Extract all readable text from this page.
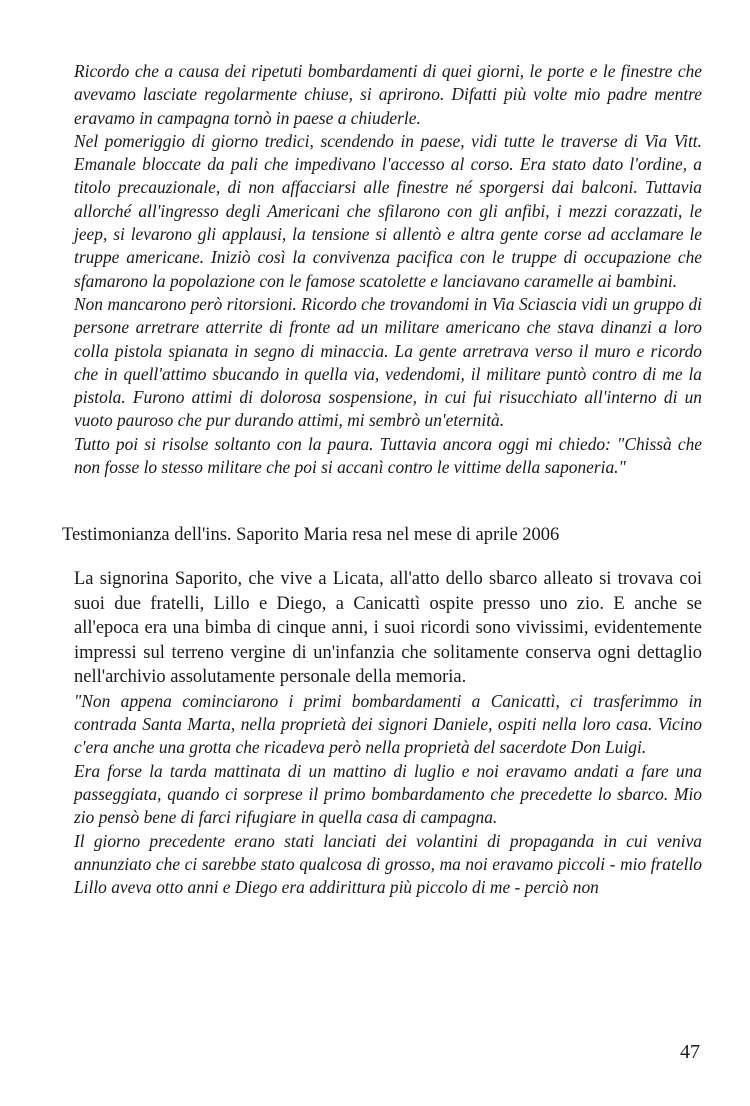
Ricordo che a causa dei ripetuti bombardamenti di quei giorni, le porte e le finestre che avevamo lasciate regolarmente chiuse, si aprirono. Difatti più volte mio padre mentre eravamo in campagna tornò in paese a chiuderle.

Nel pomeriggio di giorno tredici, scendendo in paese, vidi tutte le traverse di Via Vitt. Emanale bloccate da pali che impedivano l'accesso al corso. Era stato dato l'ordine, a titolo precauzionale, di non affacciarsi alle finestre né sporgersi dai balconi. Tuttavia allorché all'ingresso degli Americani che sfilarono con gli anfibi, i mezzi corazzati, le jeep, si levarono gli applausi, la tensione si allentò e altra gente corse ad acclamare le truppe americane. Iniziò così la convivenza pacifica con le truppe di occupazione che sfamarono la popolazione con le famose scatolette e lanciavano caramelle ai bambini.

Non mancarono però ritorsioni. Ricordo che trovandomi in Via Sciascia vidi un gruppo di persone arretrare atterrite di fronte ad un militare americano che stava dinanzi a loro colla pistola spianata in segno di minaccia. La gente arretrava verso il muro e ricordo che in quell'attimo sbucando in quella via, vedendomi, il militare puntò contro di me la pistola. Furono attimi di dolorosa sospensione, in cui fui risucchiato all'interno di un vuoto pauroso che pur durando attimi, mi sembrò un'eternità.

Tutto poi si risolse soltanto con la paura. Tuttavia ancora oggi mi chiedo: "Chissà che non fosse lo stesso militare che poi si accanì contro le vittime della saponeria."

Testimonianza dell'ins. Saporito Maria resa nel mese di aprile 2006

La signorina Saporito, che vive a Licata, all'atto dello sbarco alleato si trovava coi suoi due fratelli, Lillo e Diego, a Canicattì ospite presso uno zio. E anche se all'epoca era una bimba di cinque anni, i suoi ricordi sono vivissimi, evidentemente impressi sul terreno vergine di un'infanzia che solitamente conserva ogni dettaglio nell'archivio assolutamente personale della memoria.

"Non appena cominciarono i primi bombardamenti a Canicattì, ci trasferimmo in contrada Santa Marta, nella proprietà dei signori Daniele, ospiti nella loro casa. Vicino c'era anche una grotta che ricadeva però nella proprietà del sacerdote Don Luigi.

Era forse la tarda mattinata di un mattino di luglio e noi eravamo andati a fare una passeggiata, quando ci sorprese il primo bombardamento che precedette lo sbarco. Mio zio pensò bene di farci rifugiare in quella casa di campagna.

Il giorno precedente erano stati lanciati dei volantini di propaganda in cui veniva annunziato che ci sarebbe stato qualcosa di grosso, ma noi eravamo piccoli - mio fratello Lillo aveva otto anni e Diego era addirittura più piccolo di me - perciò non

47
